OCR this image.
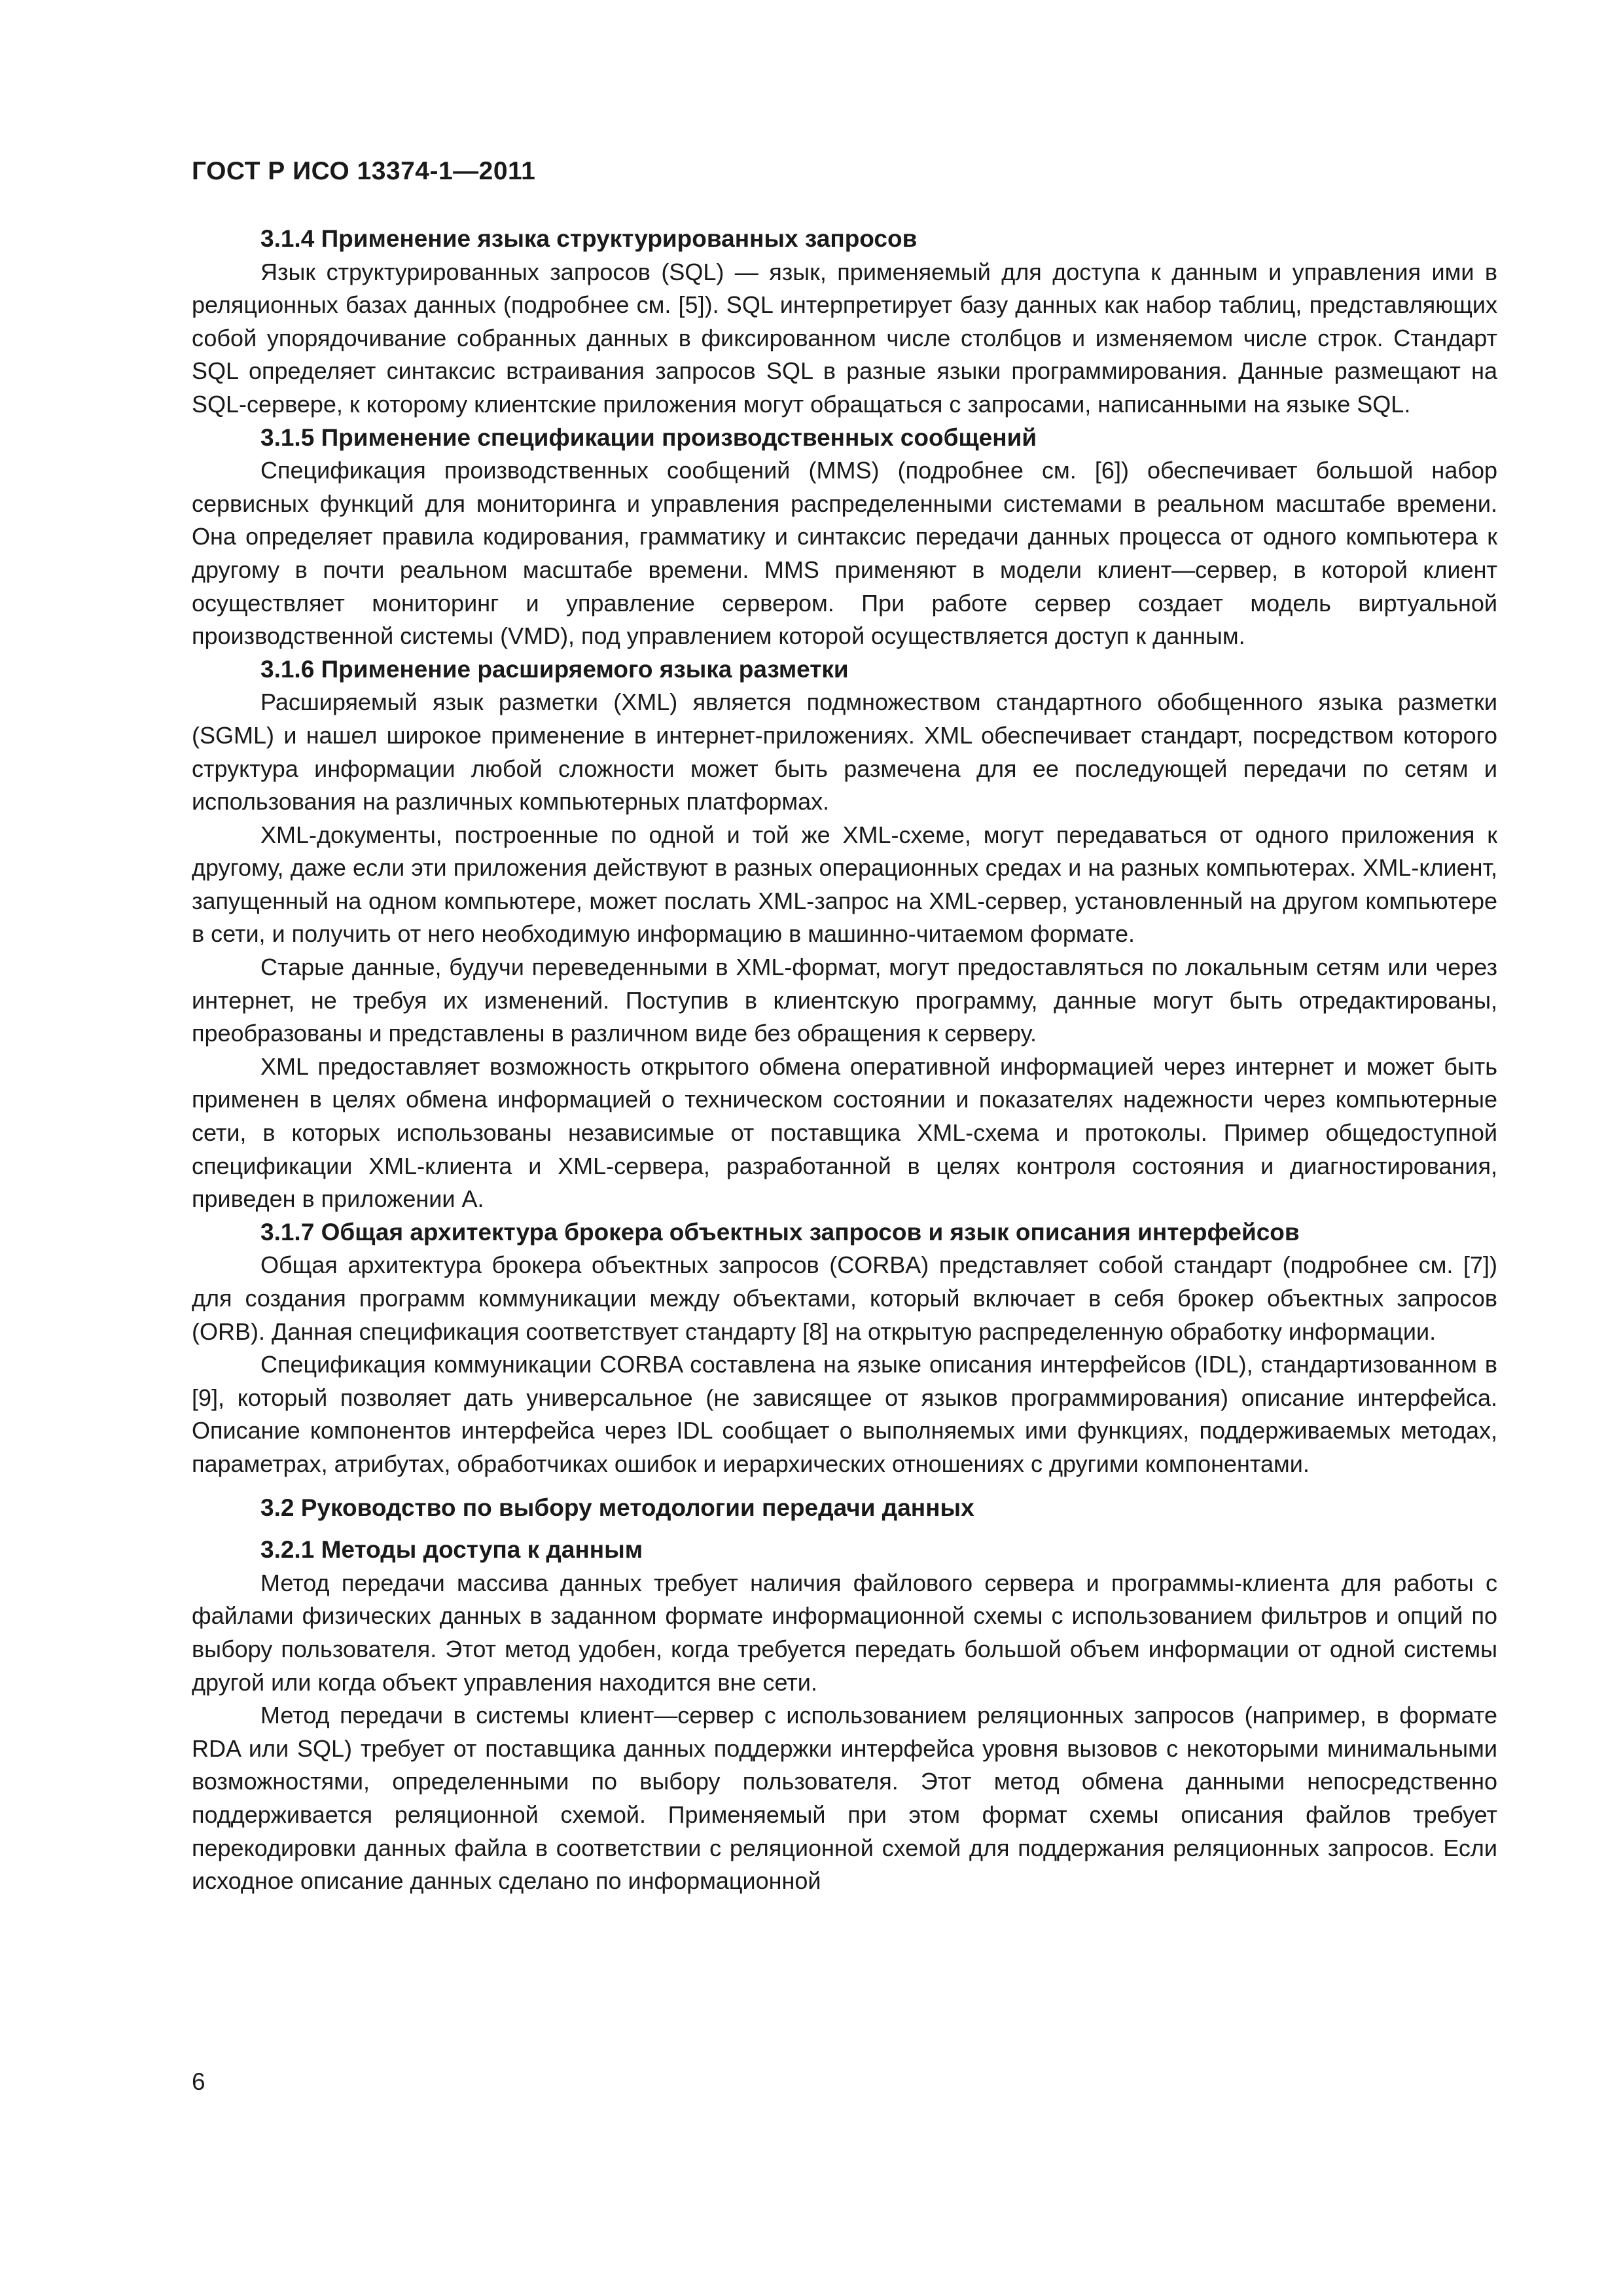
ГОСТ Р ИСО 13374-1—2011
3.1.4 Применение языка структурированных запросов

Язык структурированных запросов (SQL) — язык, применяемый для доступа к данным и управления ими в реляционных базах данных (подробнее см. [5]). SQL интерпретирует базу данных как набор таблиц, представляющих собой упорядочивание собранных данных в фиксированном числе столбцов и изменяемом числе строк. Стандарт SQL определяет синтаксис встраивания запросов SQL в разные языки программирования. Данные размещают на SQL-сервере, к которому клиентские приложения могут обращаться с запросами, написанными на языке SQL.

3.1.5 Применение спецификации производственных сообщений

Спецификация производственных сообщений (MMS) (подробнее см. [6]) обеспечивает большой набор сервисных функций для мониторинга и управления распределенными системами в реальном масштабе времени. Она определяет правила кодирования, грамматику и синтаксис передачи данных процесса от одного компьютера к другому в почти реальном масштабе времени. MMS применяют в модели клиент—сервер, в которой клиент осуществляет мониторинг и управление сервером. При работе сервер создает модель виртуальной производственной системы (VMD), под управлением которой осуществляется доступ к данным.

3.1.6 Применение расширяемого языка разметки

Расширяемый язык разметки (XML) является подмножеством стандартного обобщенного языка разметки (SGML) и нашел широкое применение в интернет-приложениях. XML обеспечивает стандарт, посредством которого структура информации любой сложности может быть размечена для ее последующей передачи по сетям и использования на различных компьютерных платформах.

XML-документы, построенные по одной и той же XML-схеме, могут передаваться от одного приложения к другому, даже если эти приложения действуют в разных операционных средах и на разных компьютерах. XML-клиент, запущенный на одном компьютере, может послать XML-запрос на XML-сервер, установленный на другом компьютере в сети, и получить от него необходимую информацию в машинно-читаемом формате.

Старые данные, будучи переведенными в XML-формат, могут предоставляться по локальным сетям или через интернет, не требуя их изменений. Поступив в клиентскую программу, данные могут быть отредактированы, преобразованы и представлены в различном виде без обращения к серверу.

XML предоставляет возможность открытого обмена оперативной информацией через интернет и может быть применен в целях обмена информацией о техническом состоянии и показателях надежности через компьютерные сети, в которых использованы независимые от поставщика XML-схема и протоколы. Пример общедоступной спецификации XML-клиента и XML-сервера, разработанной в целях контроля состояния и диагностирования, приведен в приложении А.

3.1.7 Общая архитектура брокера объектных запросов и язык описания интерфейсов

Общая архитектура брокера объектных запросов (CORBA) представляет собой стандарт (подробнее см. [7]) для создания программ коммуникации между объектами, который включает в себя брокер объектных запросов (ORB). Данная спецификация соответствует стандарту [8] на открытую распределенную обработку информации.

Спецификация коммуникации CORBA составлена на языке описания интерфейсов (IDL), стандартизованном в [9], который позволяет дать универсальное (не зависящее от языков программирования) описание интерфейса. Описание компонентов интерфейса через IDL сообщает о выполняемых ими функциях, поддерживаемых методах, параметрах, атрибутах, обработчиках ошибок и иерархических отношениях с другими компонентами.

3.2 Руководство по выбору методологии передачи данных
3.2.1 Методы доступа к данным

Метод передачи массива данных требует наличия файлового сервера и программы-клиента для работы с файлами физических данных в заданном формате информационной схемы с использованием фильтров и опций по выбору пользователя. Этот метод удобен, когда требуется передать большой объем информации от одной системы другой или когда объект управления находится вне сети.

Метод передачи в системы клиент—сервер с использованием реляционных запросов (например, в формате RDA или SQL) требует от поставщика данных поддержки интерфейса уровня вызовов с некоторыми минимальными возможностями, определенными по выбору пользователя. Этот метод обмена данными непосредственно поддерживается реляционной схемой. Применяемый при этом формат схемы описания файлов требует перекодировки данных файла в соответствии с реляционной схемой для поддержания реляционных запросов. Если исходное описание данных сделано по информационной

6
